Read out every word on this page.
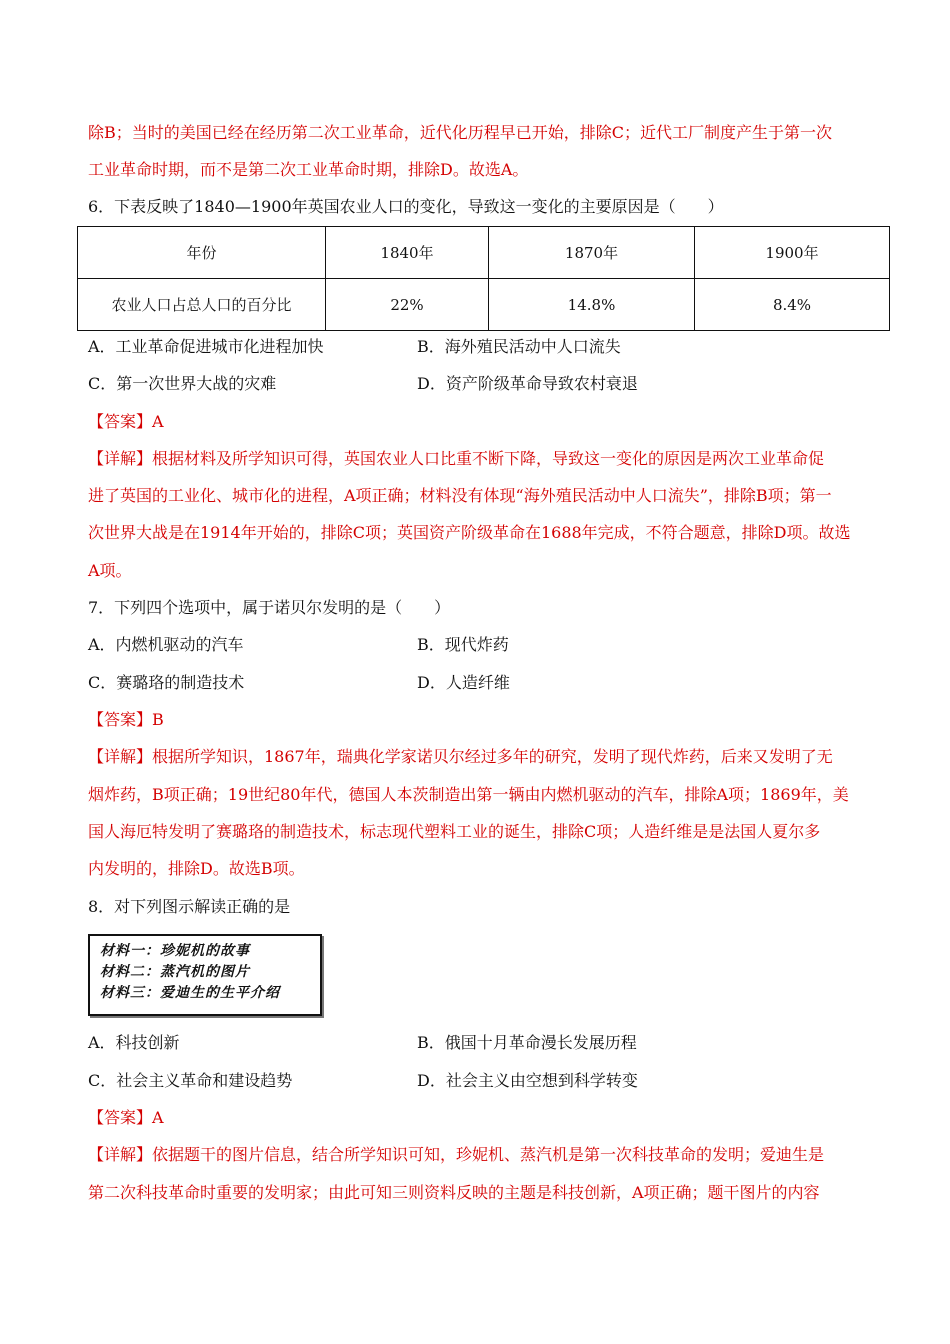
除B；当时的美国已经在经历第二次工业革命，近代化历程早已开始，排除C；近代工厂制度产生于第一次
工业革命时期，而不是第二次工业革命时期，排除D。故选A。
6．下表反映了1840—1900年英国农业人口的变化，导致这一变化的主要原因是（　　）
年份	1840年	1870年	1900年
农业人口占总人口的百分比	22%	14.8%	8.4%
A．工业革命促进城市化进程加快	B．海外殖民活动中人口流失
C．第一次世界大战的灾难	D．资产阶级革命导致农村衰退
【答案】A
【详解】根据材料及所学知识可得，英国农业人口比重不断下降，导致这一变化的原因是两次工业革命促
进了英国的工业化、城市化的进程，A项正确；材料没有体现“海外殖民活动中人口流失”，排除B项；第一
次世界大战是在1914年开始的，排除C项；英国资产阶级革命在1688年完成，不符合题意，排除D项。故选
A项。
7．下列四个选项中，属于诺贝尔发明的是（　　）
A．内燃机驱动的汽车	B．现代炸药
C．赛璐珞的制造技术	D．人造纤维
【答案】B
【详解】根据所学知识，1867年，瑞典化学家诺贝尔经过多年的研究，发明了现代炸药，后来又发明了无
烟炸药，B项正确；19世纪80年代，德国人本茨制造出第一辆由内燃机驱动的汽车，排除A项；1869年，美
国人海厄特发明了赛璐珞的制造技术，标志现代塑料工业的诞生，排除C项；人造纤维是是法国人夏尔多
内发明的，排除D。故选B项。
8．对下列图示解读正确的是
材料一：珍妮机的故事
材料二：蒸汽机的图片
材料三：爱迪生的生平介绍
A．科技创新	B．俄国十月革命漫长发展历程
C．社会主义革命和建设趋势	D．社会主义由空想到科学转变
【答案】A
【详解】依据题干的图片信息，结合所学知识可知，珍妮机、蒸汽机是第一次科技革命的发明；爱迪生是
第二次科技革命时重要的发明家；由此可知三则资料反映的主题是科技创新，A项正确；题干图片的内容
